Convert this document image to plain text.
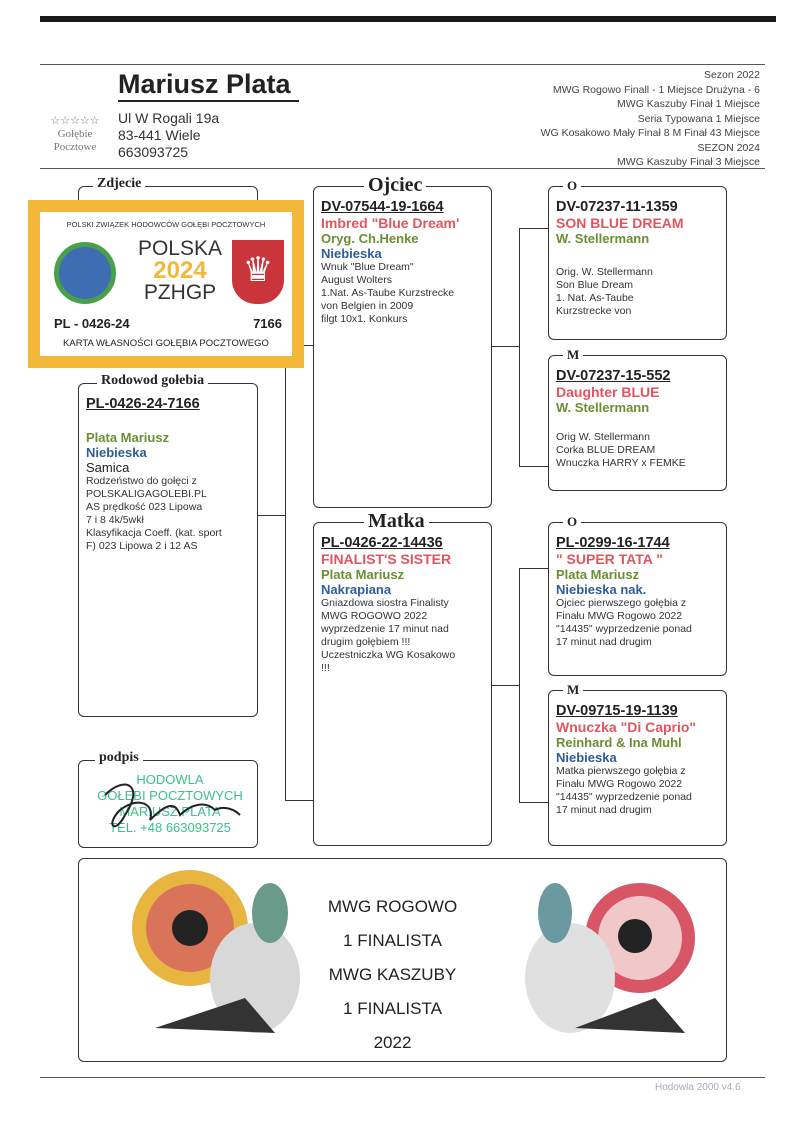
☆☆☆☆☆
Gołębie
Pocztowe
Mariusz Plata
Ul W Rogali 19a
83-441 Wiele
663093725
Sezon 2022
MWG Rogowo Finall - 1 Miejsce Drużyna - 6
MWG Kaszuby Finał 1 Miejsce
Seria Typowana 1 Miejsce
WG Kosakowo Mały Finał 8 M Finał 43 Miejsce
SEZON 2024
MWG Kaszuby Finał 3 Miejsce
Zdjecie
POLSKI ZWIĄZEK HODOWCÓW GOŁĘBI POCZTOWYCH
POLSKA
2024
PZHGP
♛
PL - 0426-24	7166
KARTA WŁASNOŚCI GOŁĘBIA POCZTOWEGO
Rodowod gołebia
PL-0426-24-7166
Plata Mariusz
Niebieska
Samica
Rodzeństwo do gołęci z
POLSKALIGAGOLEBI.PL
AS prędkość 023 Lipowa
7 i 8 4k/5wkł
Klasyfikacja Coeff. (kat. sport
F) 023 Lipowa 2 i 12 AS
podpis
HODOWLA
GOŁĘBI POCZTOWYCH
MARIUSZ PLATA
TEL. +48 663093725
Ojciec
DV-07544-19-1664
Imbred "Blue Dream'
Oryg. Ch.Henke
Niebieska
Wnuk "Blue Dream"
August Wolters
1.Nat. As-Taube Kurzstrecke
von Belgien in 2009
filgt 10x1. Konkurs
Matka
PL-0426-22-14436
FINALIST'S SISTER
Plata Mariusz
Nakrapiana
Gniazdowa siostra Finalisty
MWG ROGOWO 2022
wyprzedzenie 17 minut nad
drugim gołębiem !!!
Uczestniczka WG Kosakowo
!!!
O
DV-07237-11-1359
SON BLUE DREAM
W. Stellermann
Orig. W. Stellermann
Son Blue Dream
1. Nat. As-Taube
Kurzstrecke von
M
DV-07237-15-552
Daughter BLUE
W. Stellermann
Orig W. Stellermann
Corka BLUE DREAM
Wnuczka HARRY x FEMKE
O
PL-0299-16-1744
" SUPER TATA "
Plata Mariusz
Niebieska nak.
Ojciec pierwszego gołębia z
Finału MWG Rogowo 2022
"14435" wyprzedzenie ponad
17 minut nad drugim
M
DV-09715-19-1139
Wnuczka "Di Caprio"
Reinhard & Ina Muhl
Niebieska
Matka pierwszego gołębia z
Finału MWG Rogowo 2022
"14435" wyprzedzenie ponad
17 minut nad drugim
MWG ROGOWO
1 FINALISTA
MWG KASZUBY
1 FINALISTA
2022
Hodowla 2000 v4.6
